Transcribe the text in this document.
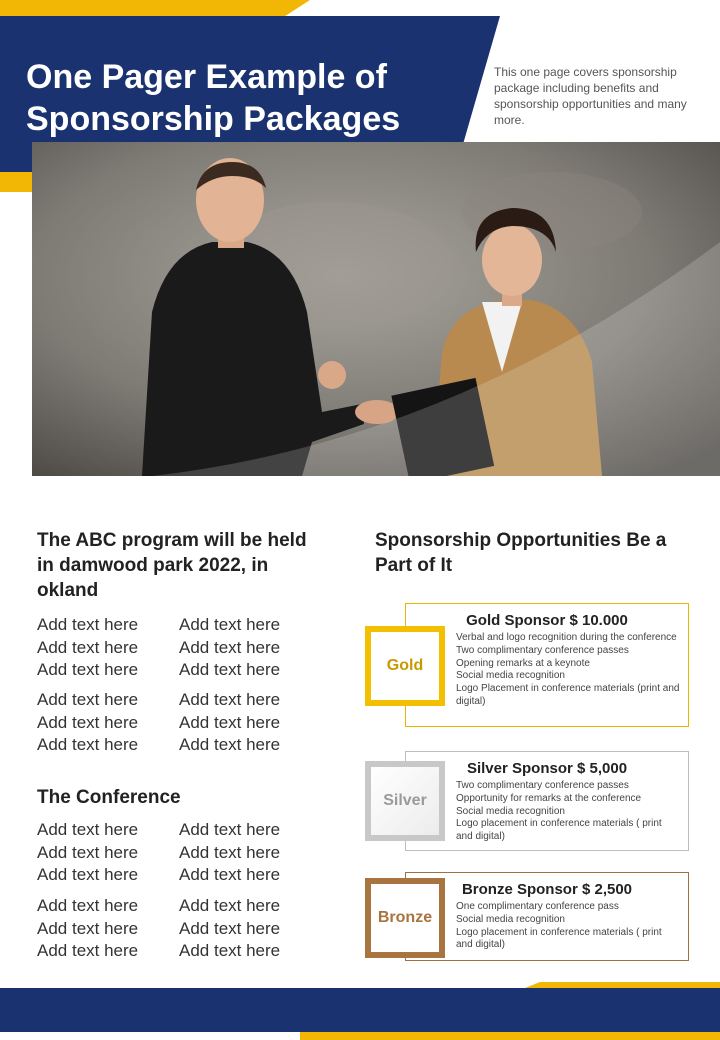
One Pager Example of Sponsorship Packages

This one page covers sponsorship package including benefits and sponsorship opportunities and many more.

The ABC program will be held in damwood park 2022, in okland
Add text here	Add text here
Add text here	Add text here
Add text here	Add text here
Add text here	Add text here
Add text here	Add text here
Add text here	Add text here
The Conference
Add text here	Add text here
Add text here	Add text here
Add text here	Add text here
Add text here	Add text here
Add text here	Add text here
Add text here	Add text here
Sponsorship Opportunities Be a Part of It
Gold Sponsor $ 10.000
– Verbal and logo recognition during the conference
– Two complimentary conference passes
– Opening remarks at a keynote
– Social media recognition
– Logo Placement in conference materials (print and digital)
Gold
Silver Sponsor $ 5,000
– Two complimentary conference passes
– Opportunity for remarks at the conference
– Social media recognition
– Logo placement in conference materials ( print and digital)
Silver
Bronze Sponsor $ 2,500
– One complimentary conference pass
– Social media recognition
– Logo placement in conference materials ( print and digital)
Bronze
